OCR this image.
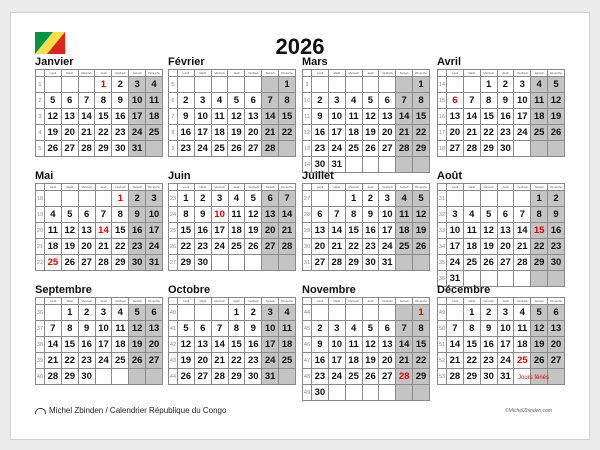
2026
Janvier
	Lundi	Mardi	Mercredi	Jeudi	Vendredi	Samedi	Dimanche
1				1	2	3	4
2	5	6	7	8	9	10	11
3	12	13	14	15	16	17	18
4	19	20	21	22	23	24	25
5	26	27	28	29	30	31	
Février
	Lundi	Mardi	Mercredi	Jeudi	Vendredi	Samedi	Dimanche
5							1
6	2	3	4	5	6	7	8
7	9	10	11	12	13	14	15
8	16	17	18	19	20	21	22
9	23	24	25	26	27	28	
Mars
	Lundi	Mardi	Mercredi	Jeudi	Vendredi	Samedi	Dimanche
9							1
10	2	3	4	5	6	7	8
11	9	10	11	12	13	14	15
12	16	17	18	19	20	21	22
13	23	24	25	26	27	28	29
14	30	31					
Avril
	Lundi	Mardi	Mercredi	Jeudi	Vendredi	Samedi	Dimanche
14			1	2	3	4	5
15	6	7	8	9	10	11	12
16	13	14	15	16	17	18	19
17	20	21	22	23	24	25	26
18	27	28	29	30			
Mai
	Lundi	Mardi	Mercredi	Jeudi	Vendredi	Samedi	Dimanche
18					1	2	3
19	4	5	6	7	8	9	10
20	11	12	13	14	15	16	17
21	18	19	20	21	22	23	24
22	25	26	27	28	29	30	31
Juin
	Lundi	Mardi	Mercredi	Jeudi	Vendredi	Samedi	Dimanche
23	1	2	3	4	5	6	7
24	8	9	10	11	12	13	14
25	15	16	17	18	19	20	21
26	22	23	24	25	26	27	28
27	29	30					
Juillet
	Lundi	Mardi	Mercredi	Jeudi	Vendredi	Samedi	Dimanche
27			1	2	3	4	5
28	6	7	8	9	10	11	12
29	13	14	15	16	17	18	19
30	20	21	22	23	24	25	26
31	27	28	29	30	31		
Août
	Lundi	Mardi	Mercredi	Jeudi	Vendredi	Samedi	Dimanche
31						1	2
32	3	4	5	6	7	8	9
33	10	11	12	13	14	15	16
34	17	18	19	20	21	22	23
35	24	25	26	27	28	29	30
36	31						
Septembre
	Lundi	Mardi	Mercredi	Jeudi	Vendredi	Samedi	Dimanche
36		1	2	3	4	5	6
37	7	8	9	10	11	12	13
38	14	15	16	17	18	19	20
39	21	22	23	24	25	26	27
40	28	29	30				
Octobre
	Lundi	Mardi	Mercredi	Jeudi	Vendredi	Samedi	Dimanche
40				1	2	3	4
41	5	6	7	8	9	10	11
42	12	13	14	15	16	17	18
43	19	20	21	22	23	24	25
44	26	27	28	29	30	31	
Novembre
	Lundi	Mardi	Mercredi	Jeudi	Vendredi	Samedi	Dimanche
44							1
45	2	3	4	5	6	7	8
46	9	10	11	12	13	14	15
47	16	17	18	19	20	21	22
48	23	24	25	26	27	28	29
49	30						
Décembre
	Lundi	Mardi	Mercredi	Jeudi	Vendredi	Samedi	Dimanche
49		1	2	3	4	5	6
50	7	8	9	10	11	12	13
51	14	15	16	17	18	19	20
52	21	22	23	24	25	26	27
53	28	29	30	31			Jours fériés
Michel Zbinden / Calendrier République du Congo	©MichelZbinden.com
